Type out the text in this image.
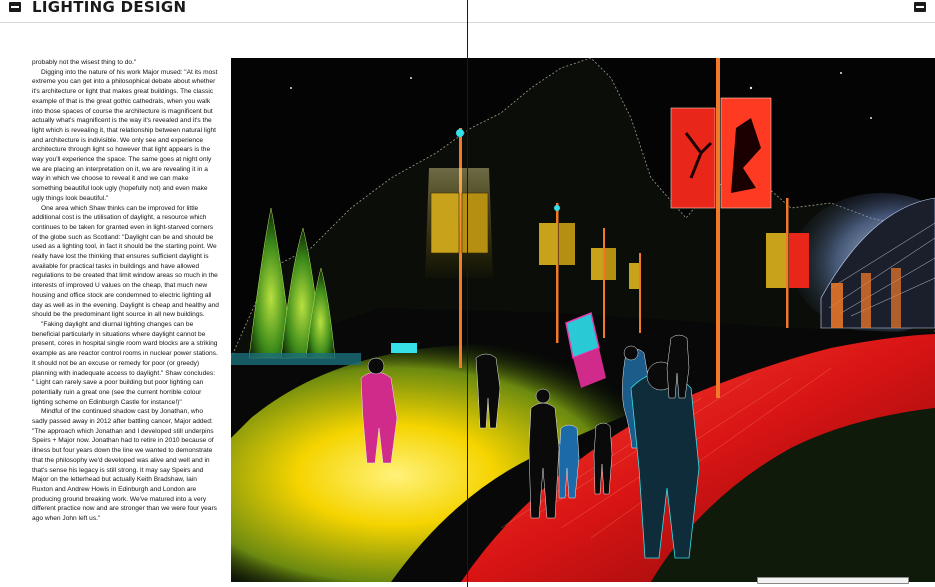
LIGHTING DESIGN

probably not the wisest thing to do."

Digging into the nature of his work Major mused: "At its most extreme you can get into a philosophical debate about whether it's architecture or light that makes great buildings. The classic example of that is the great gothic cathedrals, when you walk into those spaces of course the architecture is magnificent but actually what's magnificent is the way it's revealed and it's the light which is revealing it, that relationship between natural light and architecture is indivisible. We only see and experience architecture through light so however that light appears is the way you'll experience the space. The same goes at night only we are placing an interpretation on it, we are revealing it in a way in which we choose to reveal it and we can make something beautiful look ugly (hopefully not) and even make ugly things look beautiful."

One area which Shaw thinks can be improved for little additional cost is the utilisation of daylight, a resource which continues to be taken for granted even in light-starved corners of the globe such as Scotland: "Daylight can be and should be used as a lighting tool, in fact it should be the starting point. We really have lost the thinking that ensures sufficient daylight is available for practical tasks in buildings and have allowed regulations to be created that limit window areas so much in the interests of improved U values on the cheap, that much new housing and office stock are condemned to electric lighting all day as well as in the evening. Daylight is cheap and healthy and should be the predominant light source in all new buildings.

"Faking daylight and diurnal lighting changes can be beneficial particularly in situations where daylight cannot be present, cores in hospital single room ward blocks are a striking example as are reactor control rooms in nuclear power stations. It should not be an excuse or remedy for poor (or greedy) planning with inadequate access to daylight." Shaw concludes: " Light can rarely save a poor building but poor lighting can potentially ruin a great one (see the current horrible colour lighting scheme on Edinburgh Castle for instance!)"

Mindful of the continued shadow cast by Jonathan, who sadly passed away in 2012 after battling cancer, Major added: "The approach which Jonathan and I developed still underpins Speirs + Major now. Jonathan had to retire in 2010 because of illness but four years down the line we wanted to demonstrate that the philosophy we'd developed was alive and well and in that's sense his legacy is still strong. It may say Speirs and Major on the letterhead but actually Keith Bradshaw, Iain Ruxton and Andrew Howis in Edinburgh and London are producing ground breaking work. We've matured into a very different practice now and are stronger than we were four years ago when John left us."
